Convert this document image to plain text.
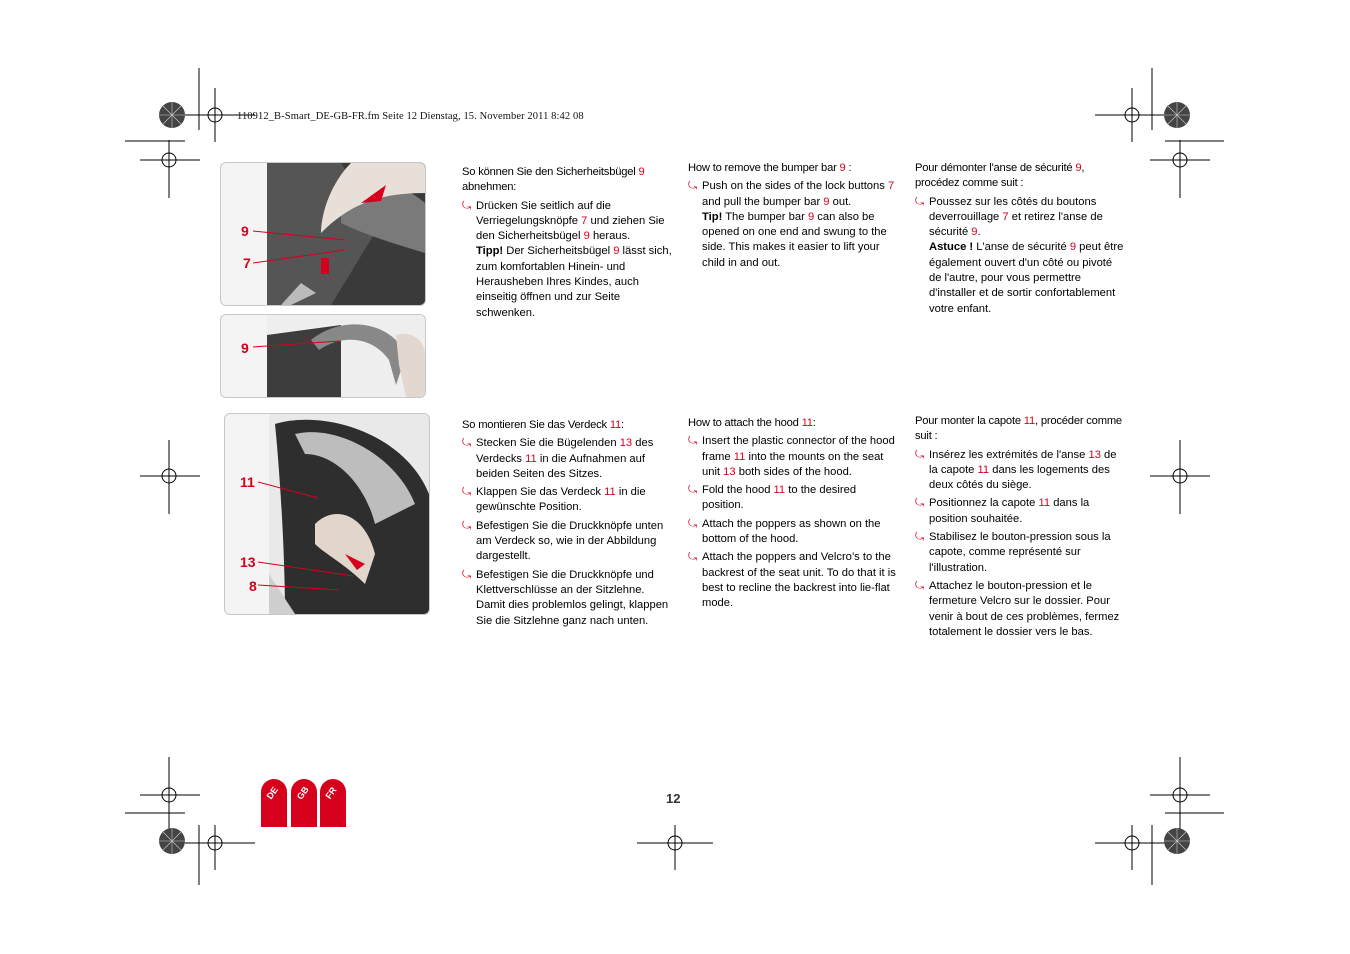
110912_B-Smart_DE-GB-FR.fm Seite 12 Dienstag, 15. November 2011 8:42 08
9
7
9
11
13
8
So können Sie den Sicherheitsbügel 9 abnehmen:
⤿ Drücken Sie seitlich auf die Verriegelungsknöpfe 7 und ziehen Sie den Sicherheitsbügel 9 heraus.
Tipp! Der Sicherheitsbügel 9 lässt sich, zum komfortablen Hinein- und Herausheben Ihres Kindes, auch einseitig öffnen und zur Seite schwenken.
How to remove the bumper bar 9 :
⤿ Push on the sides of the lock buttons 7 and pull the bumper bar 9 out.
Tip! The bumper bar 9 can also be opened on one end and swung to the side. This makes it easier to lift your child in and out.
Pour démonter l'anse de sécurité 9, procédez comme suit :
⤿ Poussez sur les côtés du boutons deverrouillage 7 et retirez l'anse de sécurité 9.
Astuce ! L'anse de sécurité 9 peut être également ouvert d'un côté ou pivoté de l'autre, pour vous permettre d'installer et de sortir confortablement votre enfant.
So montieren Sie das Verdeck 11:
⤿ Stecken Sie die Bügelenden 13 des Verdecks 11 in die Aufnahmen auf beiden Seiten des Sitzes.
⤿ Klappen Sie das Verdeck 11 in die gewünschte Position.
⤿ Befestigen Sie die Druckknöpfe unten am Verdeck so, wie in der Abbildung dargestellt.
⤿ Befestigen Sie die Druckknöpfe und Klettverschlüsse an der Sitzlehne. Damit dies problemlos gelingt, klappen Sie die Sitzlehne ganz nach unten.
How to attach the hood 11:
⤿ Insert the plastic connector of the hood frame 11 into the mounts on the seat unit 13 both sides of the hood.
⤿ Fold the hood 11 to the desired position.
⤿ Attach the poppers as shown on the bottom of the hood.
⤿ Attach the poppers and Velcro’s to the backrest of the seat unit. To do that it is best to recline the backrest into lie-flat mode.
Pour monter la capote 11, procéder comme suit :
⤿ Insérez les extrémités de l'anse 13 de la capote 11 dans les logements des deux côtés du siège.
⤿ Positionnez la capote 11 dans la position souhaitée.
⤿ Stabilisez le bouton-pression sous la capote, comme représenté sur l'illustration.
⤿ Attachez le bouton-pression et le fermeture Velcro sur le dossier. Pour venir à bout de ces problèmes, fermez totalement le dossier vers le bas.
DE GB FR	12
